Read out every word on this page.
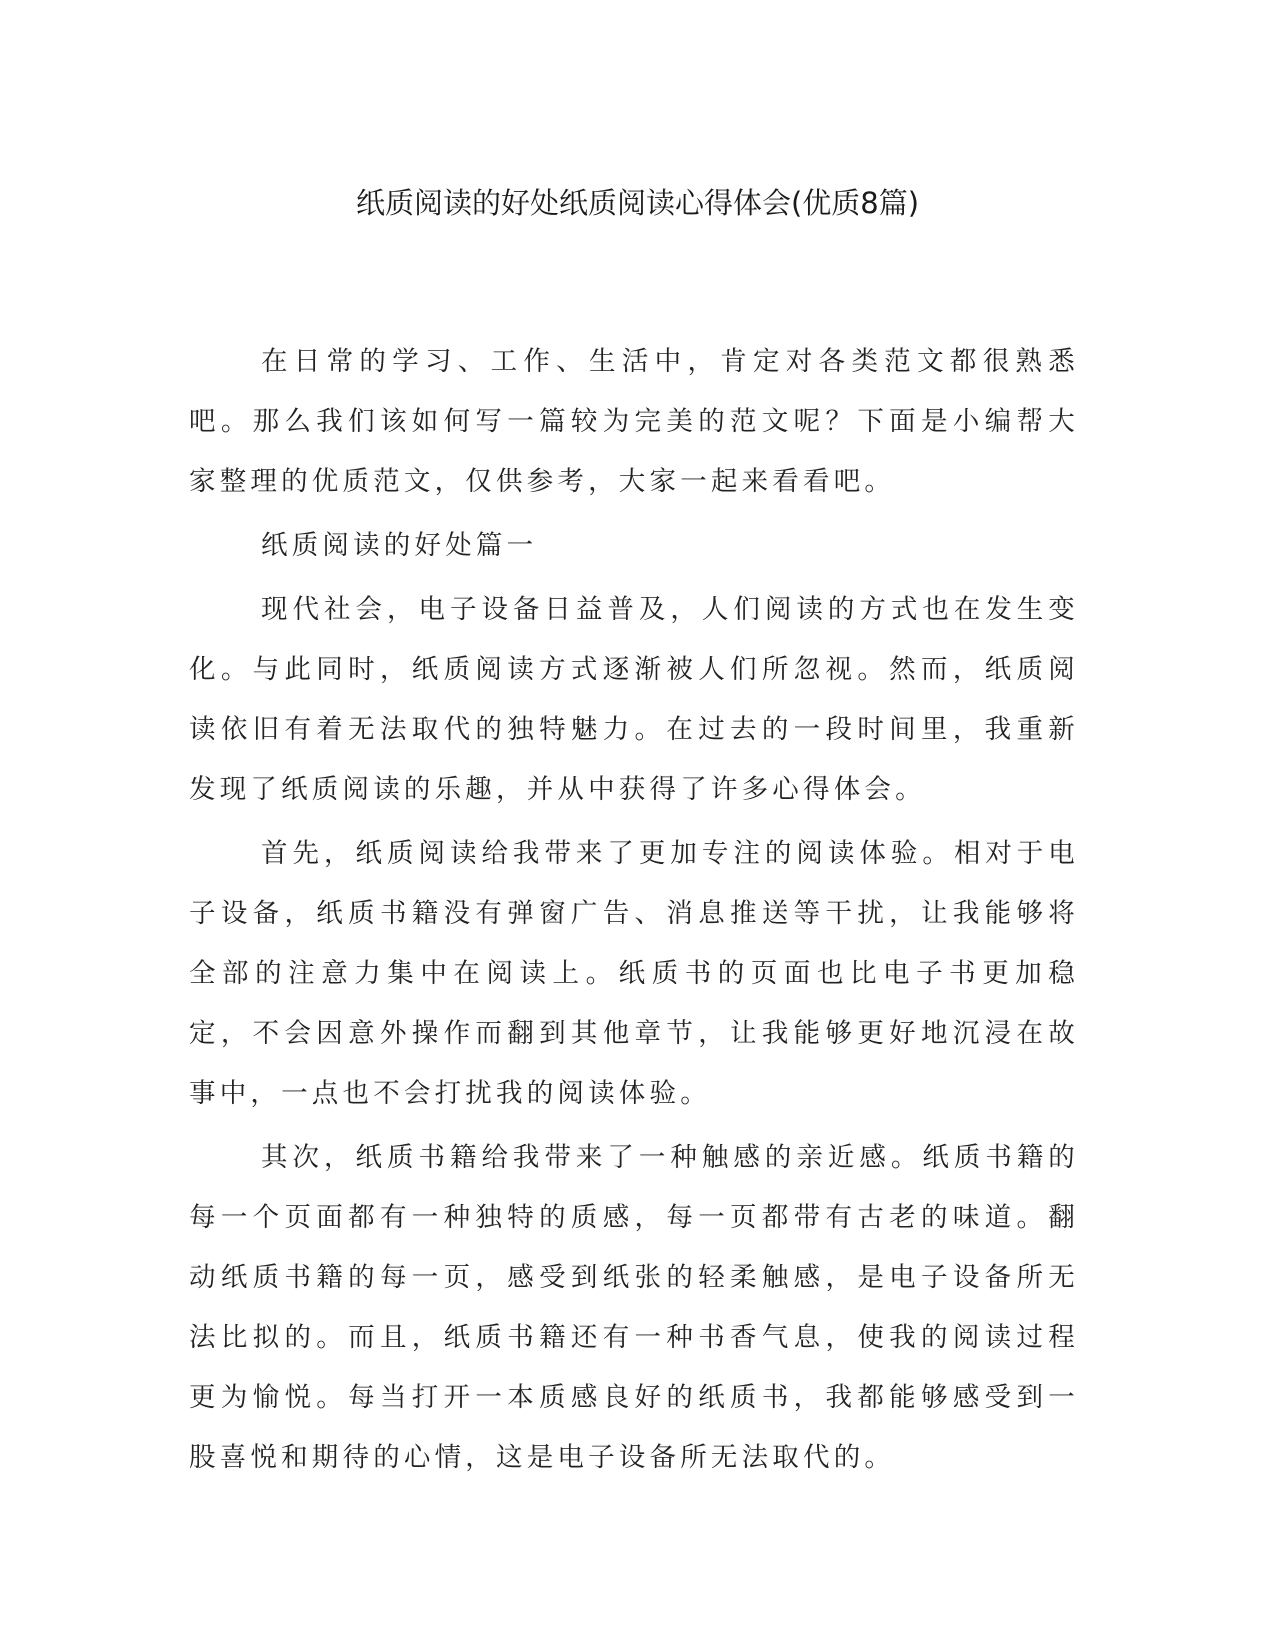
纸质阅读的好处纸质阅读心得体会(优质8篇)

在日常的学习、工作、生活中，肯定对各类范文都很熟悉吧。那么我们该如何写一篇较为完美的范文呢？下面是小编帮大家整理的优质范文，仅供参考，大家一起来看看吧。

纸质阅读的好处篇一

现代社会，电子设备日益普及，人们阅读的方式也在发生变化。与此同时，纸质阅读方式逐渐被人们所忽视。然而，纸质阅读依旧有着无法取代的独特魅力。在过去的一段时间里，我重新发现了纸质阅读的乐趣，并从中获得了许多心得体会。

首先，纸质阅读给我带来了更加专注的阅读体验。相对于电子设备，纸质书籍没有弹窗广告、消息推送等干扰，让我能够将全部的注意力集中在阅读上。纸质书的页面也比电子书更加稳定，不会因意外操作而翻到其他章节，让我能够更好地沉浸在故事中，一点也不会打扰我的阅读体验。

其次，纸质书籍给我带来了一种触感的亲近感。纸质书籍的每一个页面都有一种独特的质感，每一页都带有古老的味道。翻动纸质书籍的每一页，感受到纸张的轻柔触感，是电子设备所无法比拟的。而且，纸质书籍还有一种书香气息，使我的阅读过程更为愉悦。每当打开一本质感良好的纸质书，我都能够感受到一股喜悦和期待的心情，这是电子设备所无法取代的。
